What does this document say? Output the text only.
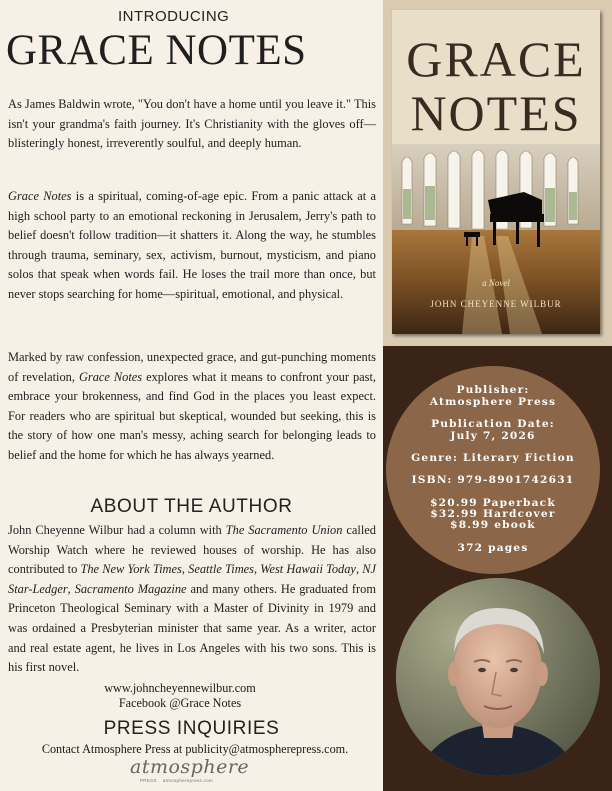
INTRODUCING
GRACE NOTES

As James Baldwin wrote, "You don't have a home until you leave it." This isn't your grandma's faith journey. It's Christianity with the gloves off—blisteringly honest, irreverently soulful, and deeply human.

Grace Notes is a spiritual, coming-of-age epic. From a panic attack at a high school party to an emotional reckoning in Jerusalem, Jerry's path to belief doesn't follow tradition—it shatters it. Along the way, he stumbles through trauma, seminary, sex, activism, burnout, mysticism, and piano solos that speak when words fail. He loses the trail more than once, but never stops searching for home—spiritual, emotional, and physical.

Marked by raw confession, unexpected grace, and gut-punching moments of revelation, Grace Notes explores what it means to confront your past, embrace your brokenness, and find God in the places you least expect. For readers who are spiritual but skeptical, wounded but seeking, this is the story of how one man's messy, aching search for belonging leads to belief and the home for which he has always yearned.

ABOUT THE AUTHOR

John Cheyenne Wilbur had a column with The Sacramento Union called Worship Watch where he reviewed houses of worship. He has also contributed to The New York Times, Seattle Times, West Hawaii Today, NJ Star-Ledger, Sacramento Magazine and many others. He graduated from Princeton Theological Seminary with a Master of Divinity in 1979 and was ordained a Presbyterian minister that same year. As a writer, actor and real estate agent, he lives in Los Angeles with his two sons. This is his first novel.

www.johncheyennewilbur.com
Facebook @Grace Notes
PRESS INQUIRIES
Contact Atmosphere Press at publicity@atmospherepress.com.
atmosphere
PRESS atmospherepress.com
GRACE
NOTES
a Novel
JOHN CHEYENNE WILBUR
Publisher:
Atmosphere Press
Publication Date:
July 7, 2026
Genre: Literary Fiction
ISBN: 979-8901742631
$20.99 Paperback
$32.99 Hardcover
$8.99 ebook
372 pages
